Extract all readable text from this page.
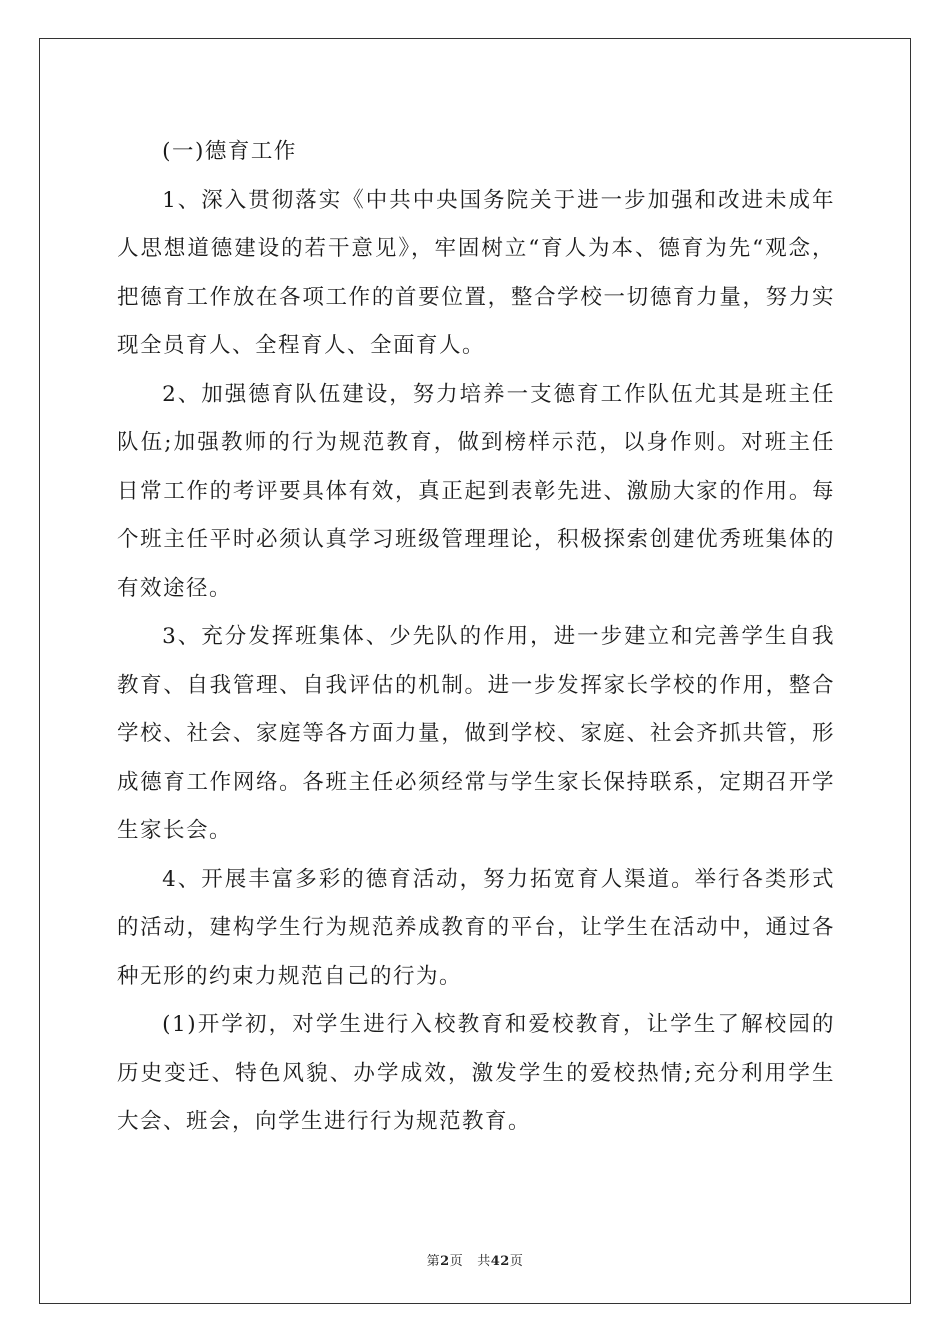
(一)德育工作

1、深入贯彻落实《中共中央国务院关于进一步加强和改进未成年人思想道德建设的若干意见》，牢固树立“育人为本、德育为先“观念，把德育工作放在各项工作的首要位置，整合学校一切德育力量，努力实现全员育人、全程育人、全面育人。

2、加强德育队伍建设，努力培养一支德育工作队伍尤其是班主任队伍;加强教师的行为规范教育，做到榜样示范，以身作则。对班主任日常工作的考评要具体有效，真正起到表彰先进、激励大家的作用。每个班主任平时必须认真学习班级管理理论，积极探索创建优秀班集体的有效途径。

3、充分发挥班集体、少先队的作用，进一步建立和完善学生自我教育、自我管理、自我评估的机制。进一步发挥家长学校的作用，整合学校、社会、家庭等各方面力量，做到学校、家庭、社会齐抓共管，形成德育工作网络。各班主任必须经常与学生家长保持联系，定期召开学生家长会。

4、开展丰富多彩的德育活动，努力拓宽育人渠道。举行各类形式的活动，建构学生行为规范养成教育的平台，让学生在活动中，通过各种无形的约束力规范自己的行为。

(1)开学初，对学生进行入校教育和爱校教育，让学生了解校园的历史变迁、特色风貌、办学成效，激发学生的爱校热情;充分利用学生大会、班会，向学生进行行为规范教育。

第2页 共42页
